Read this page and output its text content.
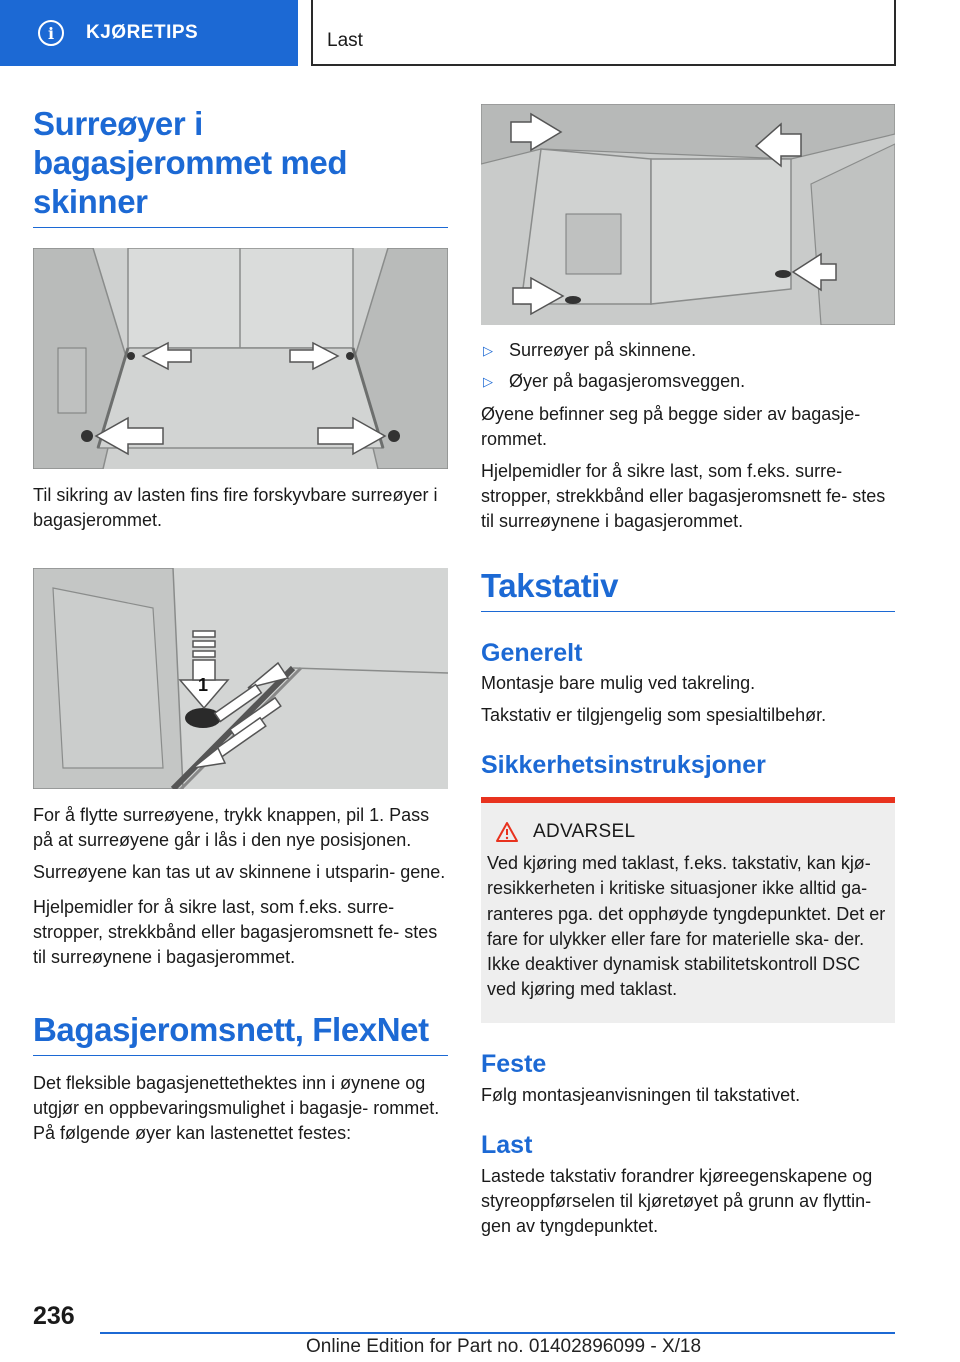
i	KJØRETIPS	Last
Surreøyer i bagasjerommet med skinner

Til sikring av lasten fins fire forskyvbare surreøyer i bagasjerommet.

1

For å flytte surreøyene, trykk knappen, pil 1. Pass på at surreøyene går i lås i den nye posisjonen.

Surreøyene kan tas ut av skinnene i utsparin- gene.

Hjelpemidler for å sikre last, som f.eks. surre- stropper, strekkbånd eller bagasjeromsnett fe- stes til surreøynene i bagasjerommet.

Bagasjeromsnett, FlexNet

Det fleksible bagasjenettethektes inn i øynene og utgjør en oppbevaringsmulighet i bagasje- rommet. På følgende øyer kan lastenettet festes:

▷ Surreøyer på skinnene.
▷ Øyer på bagasjeromsveggen.

Øyene befinner seg på begge sider av bagasje- rommet.

Hjelpemidler for å sikre last, som f.eks. surre- stropper, strekkbånd eller bagasjeromsnett fe- stes til surreøynene i bagasjerommet.

Takstativ
Generelt

Montasje bare mulig ved takreling.

Takstativ er tilgjengelig som spesialtilbehør.

Sikkerhetsinstruksjoner
ADVARSEL

Ved kjøring med taklast, f.eks. takstativ, kan kjø- resikkerheten i kritiske situasjoner ikke alltid ga- ranteres pga. det opphøyde tyngdepunktet. Det er fare for ulykker eller fare for materielle ska- der. Ikke deaktiver dynamisk stabilitetskontroll DSC ved kjøring med taklast.

Feste

Følg montasjeanvisningen til takstativet.

Last

Lastede takstativ forandrer kjøreegenskapene og styreoppførselen til kjøretøyet på grunn av flyttin- gen av tyngdepunktet.

236
Online Edition for Part no. 01402896099 - X/18
